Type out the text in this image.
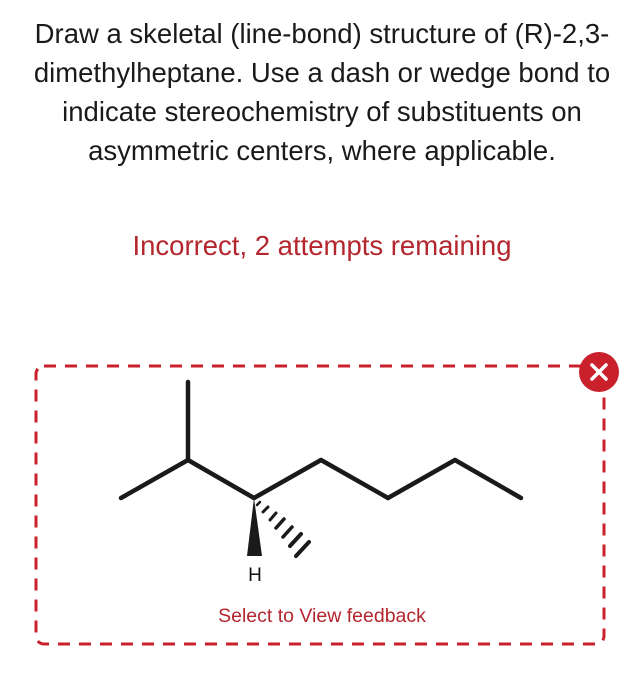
Draw a skeletal (line-bond) structure of (R)-2,3-dimethylheptane. Use a dash or wedge bond to indicate stereochemistry of substituents on asymmetric centers, where applicable.
Incorrect, 2 attempts remaining
H
Select to View feedback
